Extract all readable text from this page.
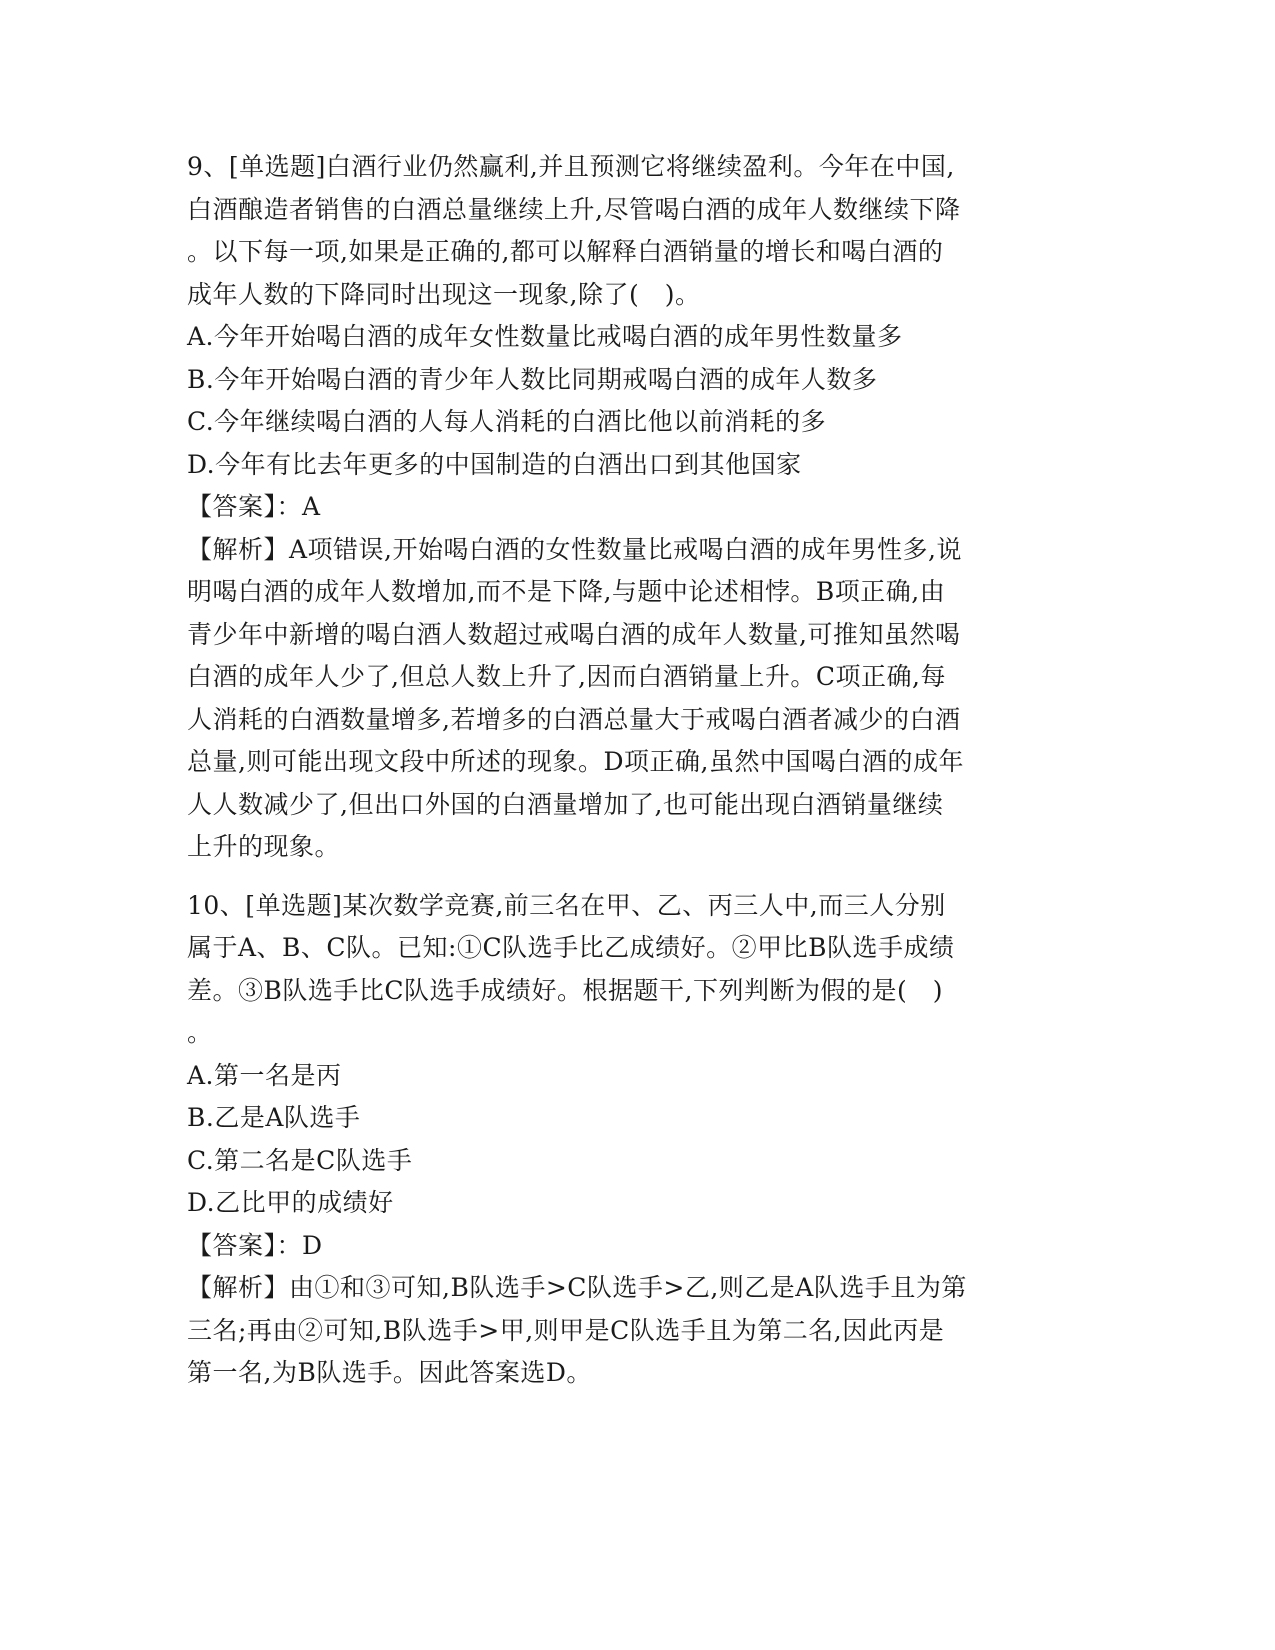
9、[单选题]白酒行业仍然赢利,并且预测它将继续盈利。今年在中国,
白酒酿造者销售的白酒总量继续上升,尽管喝白酒的成年人数继续下降
。以下每一项,如果是正确的,都可以解释白酒销量的增长和喝白酒的
成年人数的下降同时出现这一现象,除了(　)。
A.今年开始喝白酒的成年女性数量比戒喝白酒的成年男性数量多
B.今年开始喝白酒的青少年人数比同期戒喝白酒的成年人数多
C.今年继续喝白酒的人每人消耗的白酒比他以前消耗的多
D.今年有比去年更多的中国制造的白酒出口到其他国家
【答案】：A
【解析】A项错误,开始喝白酒的女性数量比戒喝白酒的成年男性多,说
明喝白酒的成年人数增加,而不是下降,与题中论述相悖。B项正确,由
青少年中新增的喝白酒人数超过戒喝白酒的成年人数量,可推知虽然喝
白酒的成年人少了,但总人数上升了,因而白酒销量上升。C项正确,每
人消耗的白酒数量增多,若增多的白酒总量大于戒喝白酒者减少的白酒
总量,则可能出现文段中所述的现象。D项正确,虽然中国喝白酒的成年
人人数减少了,但出口外国的白酒量增加了,也可能出现白酒销量继续
上升的现象。
10、[单选题]某次数学竞赛,前三名在甲、乙、丙三人中,而三人分别
属于A、B、C队。已知:①C队选手比乙成绩好。②甲比B队选手成绩
差。③B队选手比C队选手成绩好。根据题干,下列判断为假的是(　)
。
A.第一名是丙
B.乙是A队选手
C.第二名是C队选手
D.乙比甲的成绩好
【答案】：D
【解析】由①和③可知,B队选手>C队选手>乙,则乙是A队选手且为第
三名;再由②可知,B队选手>甲,则甲是C队选手且为第二名,因此丙是
第一名,为B队选手。因此答案选D。
